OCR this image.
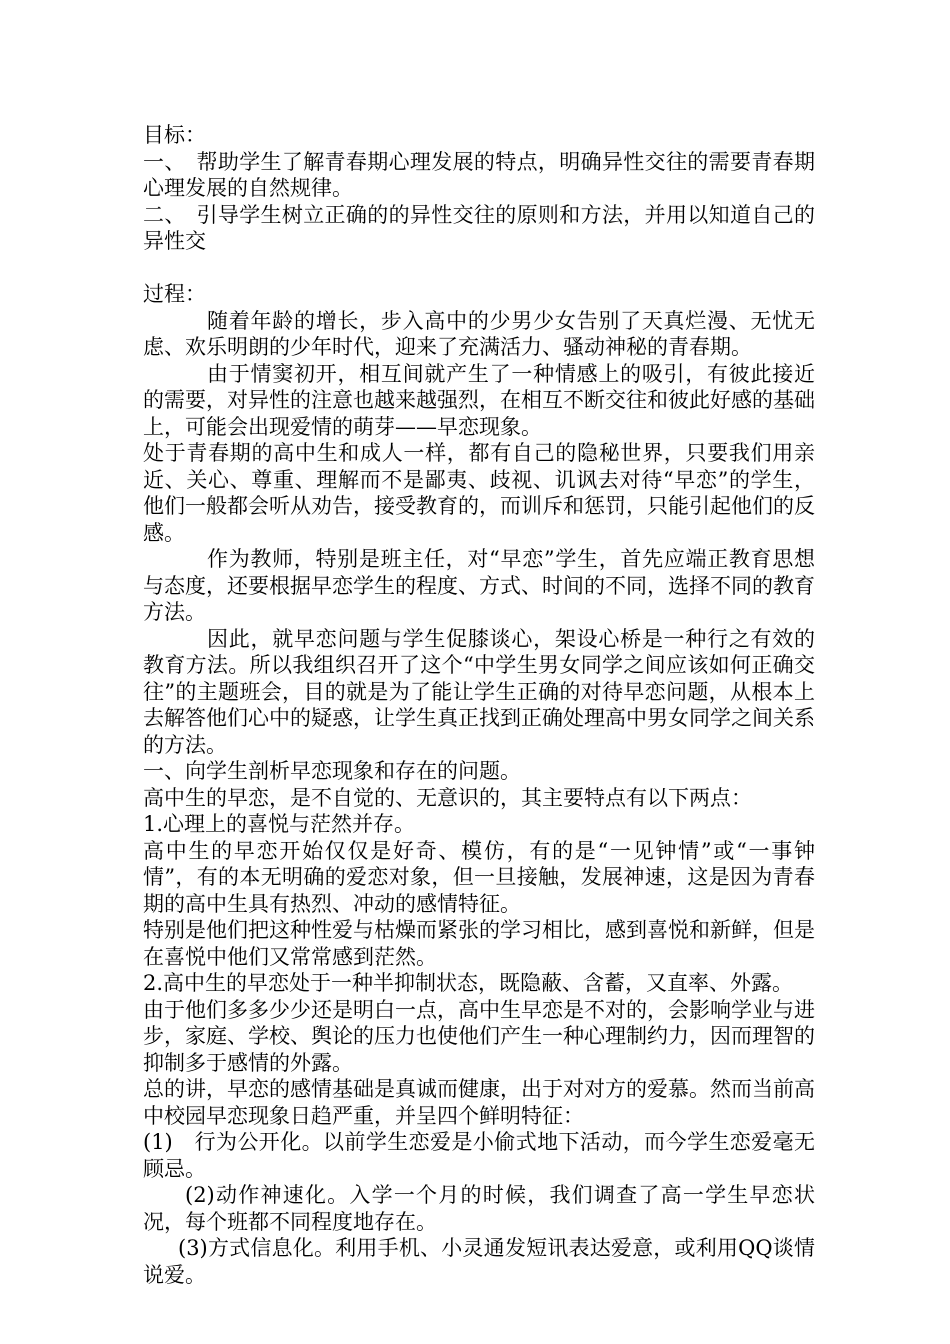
目标：

一、　帮助学生了解青春期心理发展的特点，明确异性交往的需要青春期心理发展的自然规律。

二、　引导学生树立正确的的异性交往的原则和方法，并用以知道自己的异性交

过程：

随着年龄的增长，步入高中的少男少女告别了天真烂漫、无忧无虑、欢乐明朗的少年时代，迎来了充满活力、骚动神秘的青春期。

由于情窦初开，相互间就产生了一种情感上的吸引，有彼此接近的需要，对异性的注意也越来越强烈，在相互不断交往和彼此好感的基础上，可能会出现爱情的萌芽——早恋现象。

处于青春期的高中生和成人一样，都有自己的隐秘世界，只要我们用亲近、关心、尊重、理解而不是鄙夷、歧视、讥讽去对待“早恋”的学生，他们一般都会听从劝告，接受教育的，而训斥和惩罚，只能引起他们的反感。

作为教师，特别是班主任，对“早恋”学生，首先应端正教育思想与态度，还要根据早恋学生的程度、方式、时间的不同，选择不同的教育方法。

因此，就早恋问题与学生促膝谈心，架设心桥是一种行之有效的教育方法。所以我组织召开了这个“中学生男女同学之间应该如何正确交往”的主题班会，目的就是为了能让学生正确的对待早恋问题，从根本上去解答他们心中的疑惑，让学生真正找到正确处理高中男女同学之间关系的方法。

一、向学生剖析早恋现象和存在的问题。

高中生的早恋，是不自觉的、无意识的，其主要特点有以下两点：

1.心理上的喜悦与茫然并存。

高中生的早恋开始仅仅是好奇、模仿，有的是“一见钟情”或“一事钟情”，有的本无明确的爱恋对象，但一旦接触，发展神速，这是因为青春期的高中生具有热烈、冲动的感情特征。

特别是他们把这种性爱与枯燥而紧张的学习相比，感到喜悦和新鲜，但是在喜悦中他们又常常感到茫然。

2.高中生的早恋处于一种半抑制状态，既隐蔽、含蓄，又直率、外露。

由于他们多多少少还是明白一点，高中生早恋是不对的，会影响学业与进步，家庭、学校、舆论的压力也使他们产生一种心理制约力，因而理智的抑制多于感情的外露。

总的讲，早恋的感情基础是真诚而健康，出于对对方的爱慕。然而当前高中校园早恋现象日趋严重，并呈四个鲜明特征：

(1)　行为公开化。以前学生恋爱是小偷式地下活动，而今学生恋爱毫无顾忌。

(2)动作神速化。入学一个月的时候，我们调查了高一学生早恋状况，每个班都不同程度地存在。

(3)方式信息化。利用手机、小灵通发短讯表达爱意，或利用QQ谈情说爱。
